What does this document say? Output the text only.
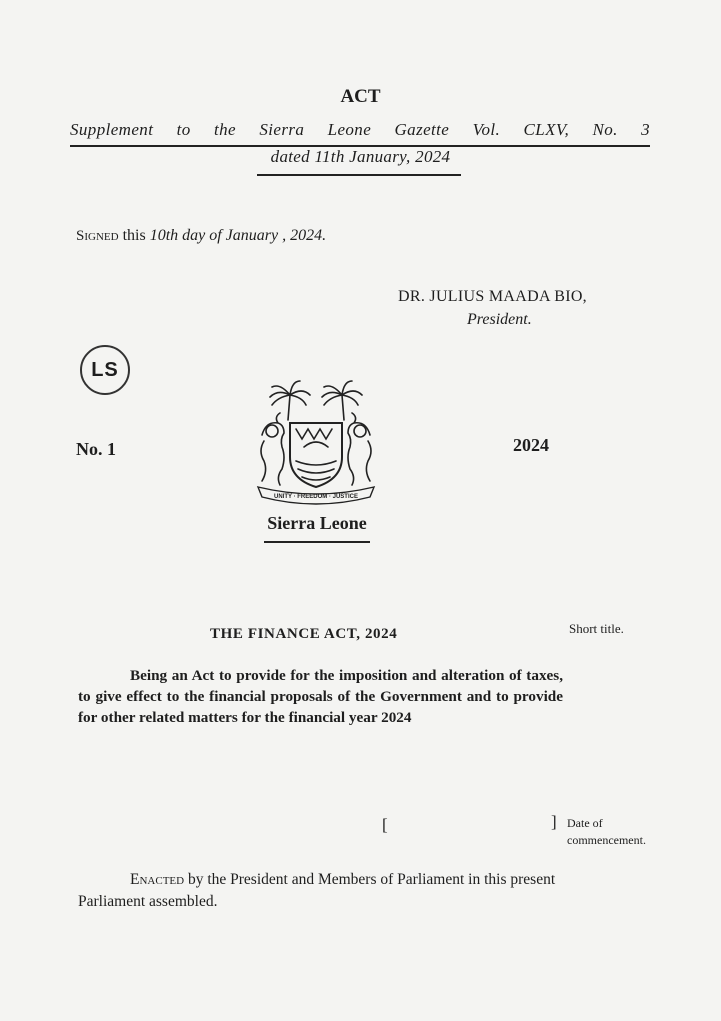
ACT
Supplement to the Sierra Leone Gazette Vol. CLXV, No. 3
dated 11th January, 2024
Signed this 10th day of January , 2024.
DR. JULIUS MAADA BIO,
President.
LS
No. 1	2024
UNITY · FREEDOM · JUSTICE
Sierra Leone
THE FINANCE ACT, 2024	Short title.
Being an Act to provide for the imposition and alteration of taxes, to give effect to the financial proposals of the Government and to provide for other related matters for the financial year 2024
[	] Date of commencement.
Enacted by the President and Members of Parliament in this present Parliament assembled.
